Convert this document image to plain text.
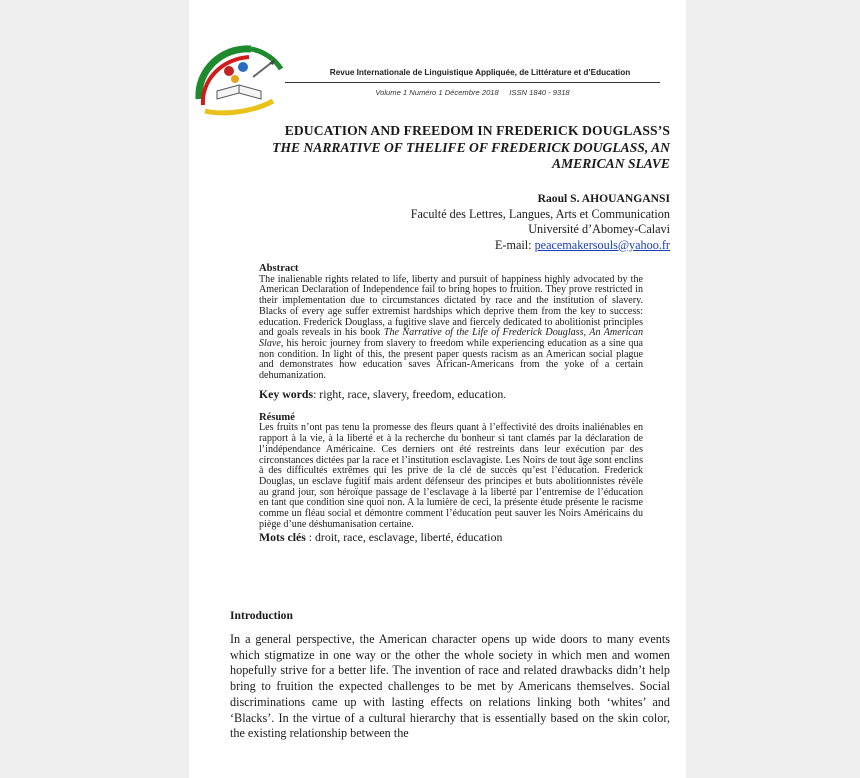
Revue Internationale de Linguistique Appliquée, de Littérature et d’Education
Volume 1 Numéro 1 Décembre 2018     ISSN 1840 - 9318
EDUCATION AND FREEDOM IN FREDERICK DOUGLASS’S
THE NARRATIVE OF THELIFE OF FREDERICK DOUGLASS, AN
AMERICAN SLAVE
Raoul S. AHOUANGANSI
Faculté des Lettres, Langues, Arts et Communication
Université d’Abomey-Calavi
E-mail: peacemakersouls@yahoo.fr
Abstract
The inalienable rights related to life, liberty and pursuit of happiness highly advocated by the American Declaration of Independence fail to bring hopes to fruition. They prove restricted in their implementation due to circumstances dictated by race and the institution of slavery. Blacks of every age suffer extremist hardships which deprive them from the key to success: education. Frederick Douglass, a fugitive slave and fiercely dedicated to abolitionist principles and goals reveals in his book The Narrative of the Life of Frederick Douglass, An American Slave, his heroic journey from slavery to freedom while experiencing education as a sine qua non condition. In light of this, the present paper quests racism as an American social plague and demonstrates how education saves African-Americans from the yoke of a certain dehumanization.
Key words: right, race, slavery, freedom, education.
Résumé
Les fruits n’ont pas tenu la promesse des fleurs quant à l’effectivité des droits inaliénables en rapport à la vie, à la liberté et à la recherche du bonheur si tant clamés par la déclaration de l’indépendance Américaine. Ces derniers ont été restreints dans leur exécution par des circonstances dictées par la race et l’institution esclavagiste. Les Noirs de tout âge sont enclins à des difficultés extrêmes qui les prive de la clé de succès qu’est l’éducation. Frederick Douglas, un esclave fugitif mais ardent défenseur des principes et buts abolitionnistes révèle au grand jour, son héroïque passage de l’esclavage à la liberté par l’entremise de l’éducation en tant que condition sine quoi non. A la lumière de ceci, la présente étude présente le racisme comme un fléau social et démontre comment l’éducation peut sauver les Noirs Américains du piège d’une déshumanisation certaine.
Mots clés : droit, race, esclavage, liberté, éducation
Introduction
In a general perspective, the American character opens up wide doors to many events which stigmatize in one way or the other the whole society in which men and women hopefully strive for a better life. The invention of race and related drawbacks didn’t help bring to fruition the expected challenges to be met by Americans themselves. Social discriminations came up with lasting effects on relations linking both ‘whites’ and ‘Blacks’. In the virtue of a cultural hierarchy that is essentially based on the skin color, the existing relationship between the
